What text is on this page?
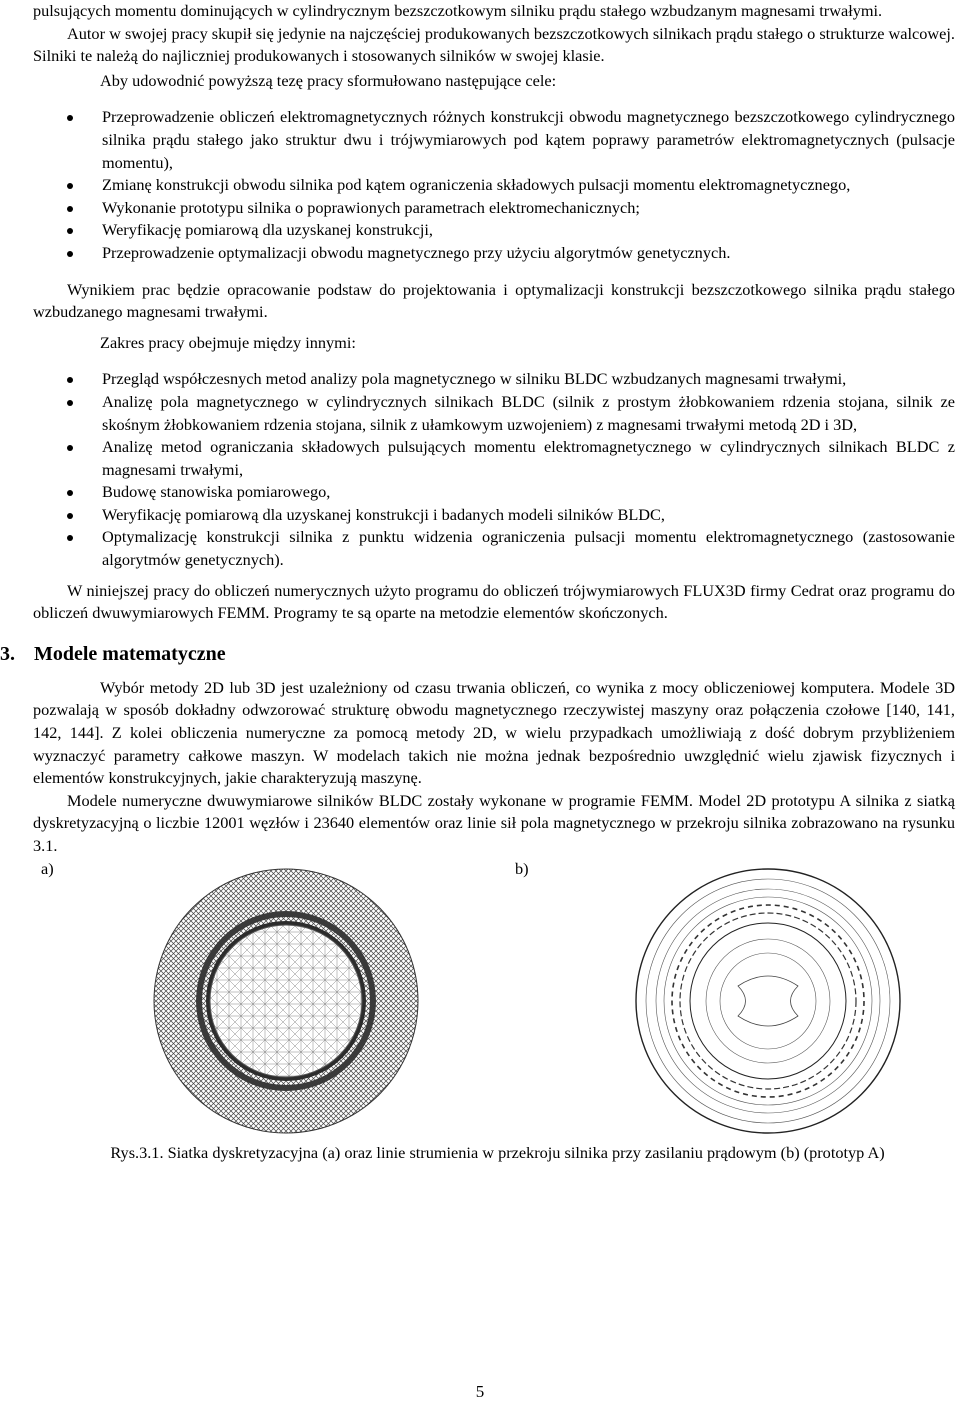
pulsujących momentu dominujących w cylindrycznym bezszczotkowym silniku prądu stałego wzbudzanym magnesami trwałymi.

Autor w swojej pracy skupił się jedynie na najczęściej produkowanych bezszczotkowych silnikach prądu stałego o strukturze walcowej. Silniki te należą do najliczniej produkowanych i stosowanych silników w swojej klasie.

Aby udowodnić powyższą tezę pracy sformułowano następujące cele:

Przeprowadzenie obliczeń elektromagnetycznych różnych konstrukcji obwodu magnetycznego bezszczotkowego cylindrycznego silnika prądu stałego jako struktur dwu i trójwymiarowych pod kątem poprawy parametrów elektromagnetycznych (pulsacje momentu),
Zmianę konstrukcji obwodu silnika pod kątem ograniczenia składowych pulsacji momentu elektromagnetycznego,
Wykonanie prototypu silnika o poprawionych parametrach elektromechanicznych;
Weryfikację pomiarową dla uzyskanej konstrukcji,
Przeprowadzenie optymalizacji obwodu magnetycznego przy użyciu algorytmów genetycznych.

Wynikiem prac będzie opracowanie podstaw do projektowania i optymalizacji konstrukcji bezszczotkowego silnika prądu stałego wzbudzanego magnesami trwałymi.

Zakres pracy obejmuje między innymi:

Przegląd współczesnych metod analizy pola magnetycznego w silniku BLDC wzbudzanych magnesami trwałymi,
Analizę pola magnetycznego w cylindrycznych silnikach BLDC (silnik z prostym żłobkowaniem rdzenia stojana, silnik ze skośnym żłobkowaniem rdzenia stojana, silnik z ułamkowym uzwojeniem) z magnesami trwałymi metodą 2D i 3D,
Analizę metod ograniczania składowych pulsujących momentu elektromagnetycznego w cylindrycznych silnikach BLDC z magnesami trwałymi,
Budowę stanowiska pomiarowego,
Weryfikację pomiarową dla uzyskanej konstrukcji i badanych modeli silników BLDC,
Optymalizację konstrukcji silnika z punktu widzenia ograniczenia pulsacji momentu elektromagnetycznego (zastosowanie algorytmów genetycznych).

W niniejszej pracy do obliczeń numerycznych użyto programu do obliczeń trójwymiarowych FLUX3D firmy Cedrat oraz programu do obliczeń dwuwymiarowych FEMM. Programy te są oparte na metodzie elementów skończonych.

3. Modele matematyczne

Wybór metody 2D lub 3D jest uzależniony od czasu trwania obliczeń, co wynika z mocy obliczeniowej komputera. Modele 3D pozwalają w sposób dokładny odwzorować strukturę obwodu magnetycznego rzeczywistej maszyny oraz połączenia czołowe [140, 141, 142, 144]. Z kolei obliczenia numeryczne za pomocą metody 2D, w wielu przypadkach umożliwiają z dość dobrym przybliżeniem wyznaczyć parametry całkowe maszyn. W modelach takich nie można jednak bezpośrednio uwzględnić wielu zjawisk fizycznych i elementów konstrukcyjnych, jakie charakteryzują maszynę.

Modele numeryczne dwuwymiarowe silników BLDC zostały wykonane w programie FEMM. Model 2D prototypu A silnika z siatką dyskretyzacyjną o liczbie 12001 węzłów i 23640 elementów oraz linie sił pola magnetycznego w przekroju silnika zobrazowano na rysunku 3.1.

a)	b)

Rys.3.1. Siatka dyskretyzacyjna (a) oraz linie strumienia w przekroju silnika przy zasilaniu prądowym (b) (prototyp A)

5
